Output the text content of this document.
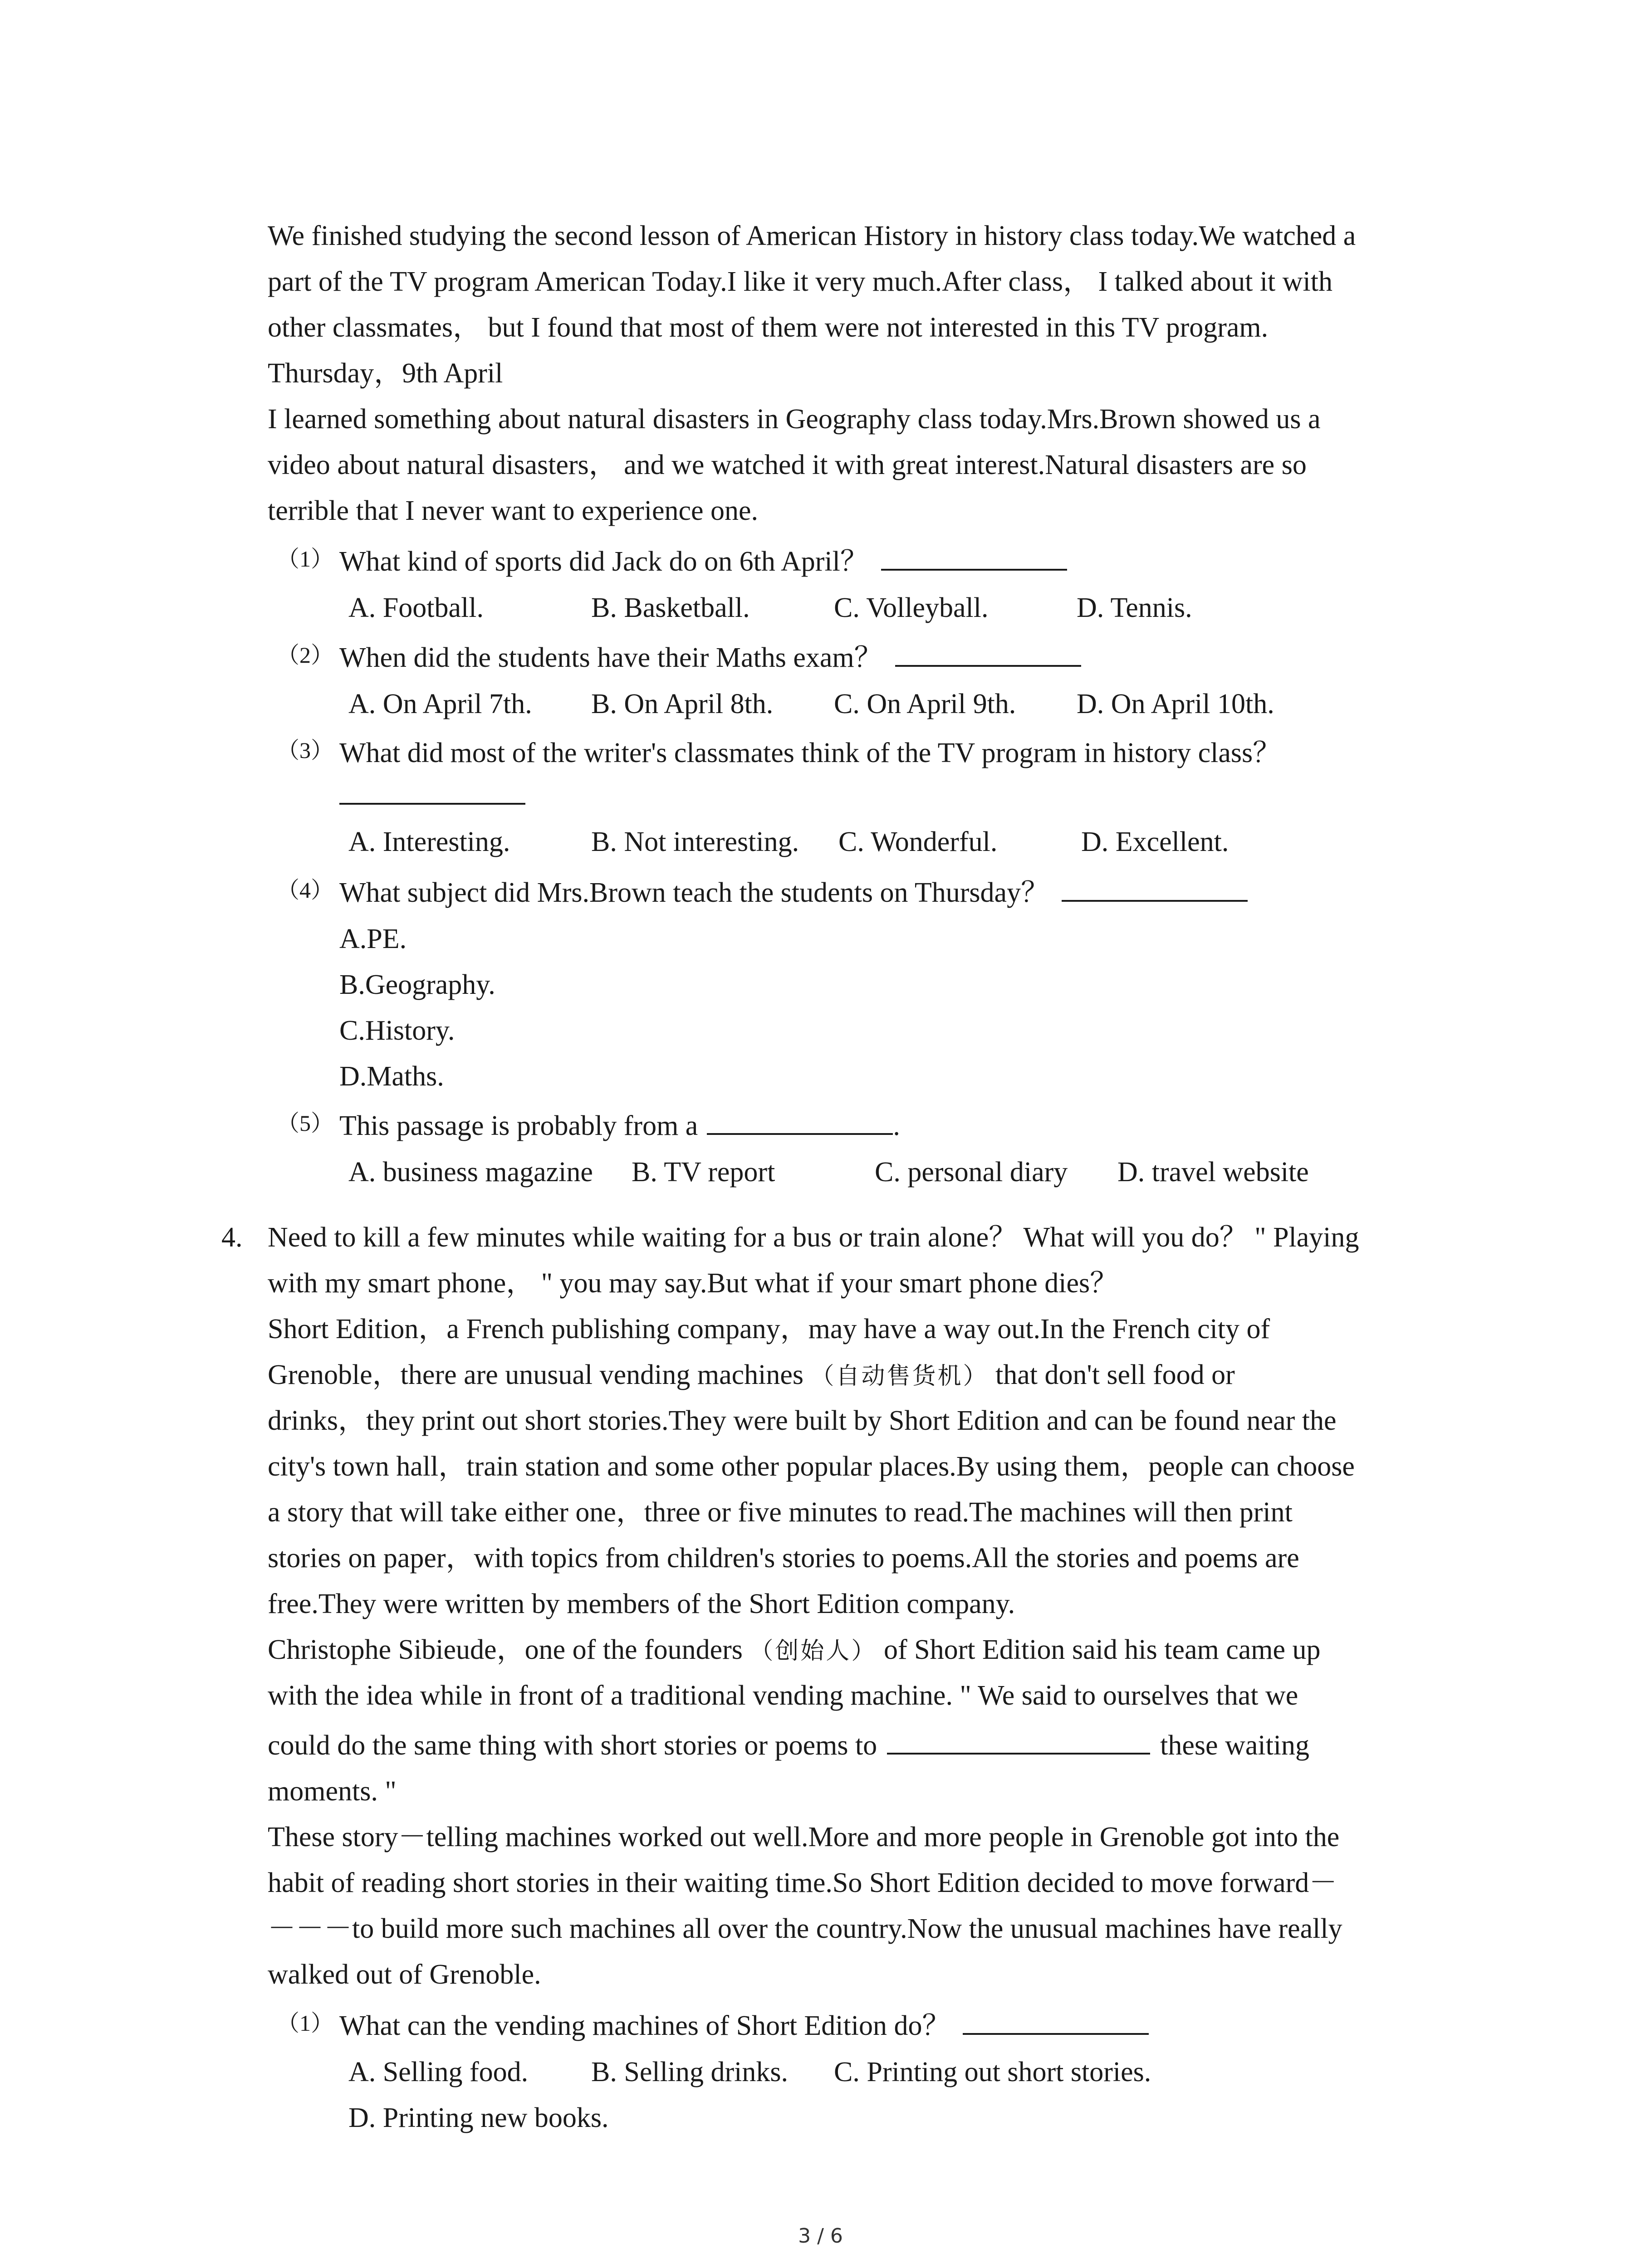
We finished studying the second lesson of American History in history class today.We watched a
part of the TV program American Today.I like it very much.After class， I talked about it with
other classmates， but I found that most of them were not interested in this TV program.
Thursday，9th April
I learned something about natural disasters in Geography class today.Mrs.Brown showed us a
video about natural disasters， and we watched it with great interest.Natural disasters are so
terrible that I never want to experience one.
（1） What kind of sports did Jack do on 6th April？
A. Football.	B. Basketball.	C. Volleyball.	D. Tennis.
（2） When did the students have their Maths exam？
A. On April 7th. B. On April 8th. C. On April 9th. D. On April 10th.
（3） What did most of the writer's classmates think of the TV program in history class？
A. Interesting.	B. Not interesting. C. Wonderful.	D. Excellent.
（4） What subject did Mrs.Brown teach the students on Thursday？
A.PE.
B.Geography.
C.History.
D.Maths.
（5） This passage is probably from a	.
A. business magazine B. TV report	C. personal diary D. travel website
4. Need to kill a few minutes while waiting for a bus or train alone？ What will you do？ " Playing
with my smart phone， " you may say.But what if your smart phone dies？
Short Edition，a French publishing company，may have a way out.In the French city of
Grenoble，there are unusual vending machines （自动售货机） that don't sell food or
drinks，they print out short stories.They were built by Short Edition and can be found near the
city's town hall，train station and some other popular places.By using them，people can choose
a story that will take either one，three or five minutes to read.The machines will then print
stories on paper，with topics from children's stories to poems.All the stories and poems are
free.They were written by members of the Short Edition company.
Christophe Sibieude，one of the founders （创始人） of Short Edition said his team came up
with the idea while in front of a traditional vending machine. " We said to ourselves that we
could do the same thing with short stories or poems to	these waiting
moments. "
These story－telling machines worked out well.More and more people in Grenoble got into the
habit of reading short stories in their waiting time.So Short Edition decided to move forward－
－－－to build more such machines all over the country.Now the unusual machines have really
walked out of Grenoble.
（1） What can the vending machines of Short Edition do？
A. Selling food. B. Selling drinks. C. Printing out short stories.
D. Printing new books.
3 / 6
